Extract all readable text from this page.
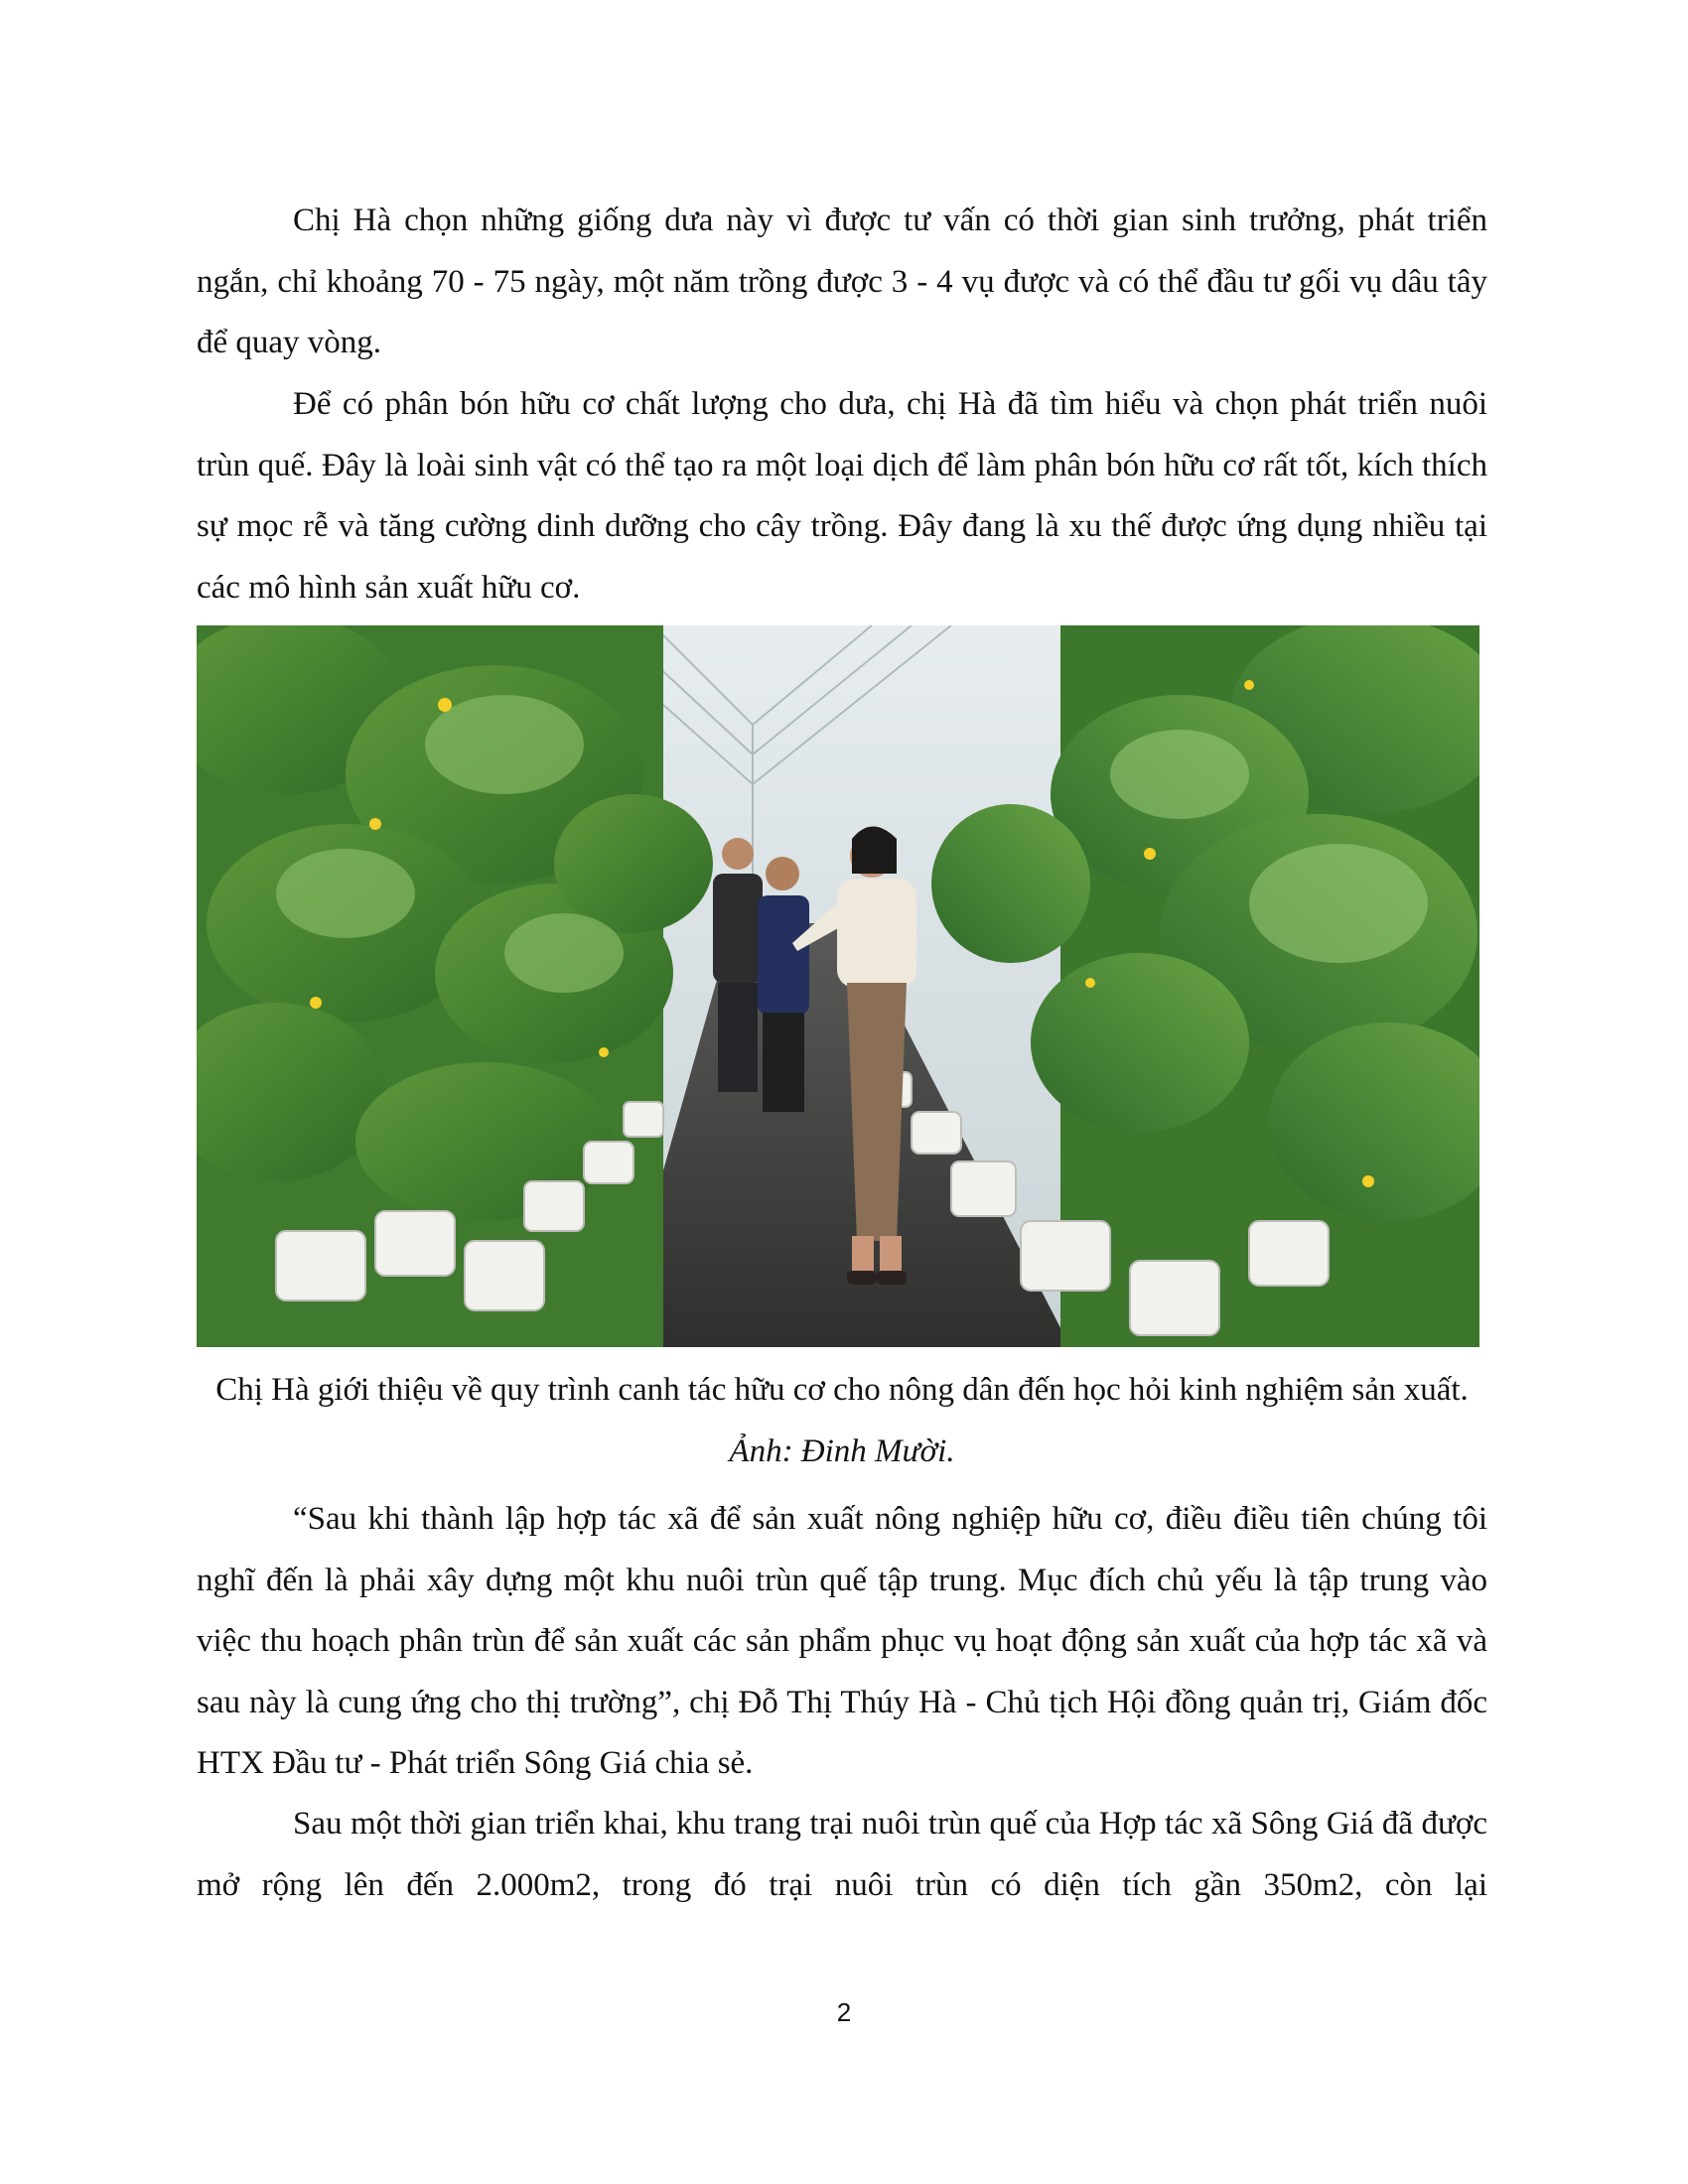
Chị Hà chọn những giống dưa này vì được tư vấn có thời gian sinh trưởng, phát triển ngắn, chỉ khoảng 70 - 75 ngày, một năm trồng được 3 - 4 vụ được và có thể đầu tư gối vụ dâu tây để quay vòng.

Để có phân bón hữu cơ chất lượng cho dưa, chị Hà đã tìm hiểu và chọn phát triển nuôi trùn quế. Đây là loài sinh vật có thể tạo ra một loại dịch để làm phân bón hữu cơ rất tốt, kích thích sự mọc rễ và tăng cường dinh dưỡng cho cây trồng. Đây đang là xu thế được ứng dụng nhiều tại các mô hình sản xuất hữu cơ.

Chị Hà giới thiệu về quy trình canh tác hữu cơ cho nông dân đến học hỏi kinh nghiệm sản xuất. Ảnh: Đinh Mười.

“Sau khi thành lập hợp tác xã để sản xuất nông nghiệp hữu cơ, điều điều tiên chúng tôi nghĩ đến là phải xây dựng một khu nuôi trùn quế tập trung. Mục đích chủ yếu là tập trung vào việc thu hoạch phân trùn để sản xuất các sản phẩm phục vụ hoạt động sản xuất của hợp tác xã và sau này là cung ứng cho thị trường”, chị Đỗ Thị Thúy Hà - Chủ tịch Hội đồng quản trị, Giám đốc HTX Đầu tư - Phát triển Sông Giá chia sẻ.

Sau một thời gian triển khai, khu trang trại nuôi trùn quế của Hợp tác xã Sông Giá đã được mở rộng lên đến 2.000m2, trong đó trại nuôi trùn có diện tích gần 350m2, còn lại

2
